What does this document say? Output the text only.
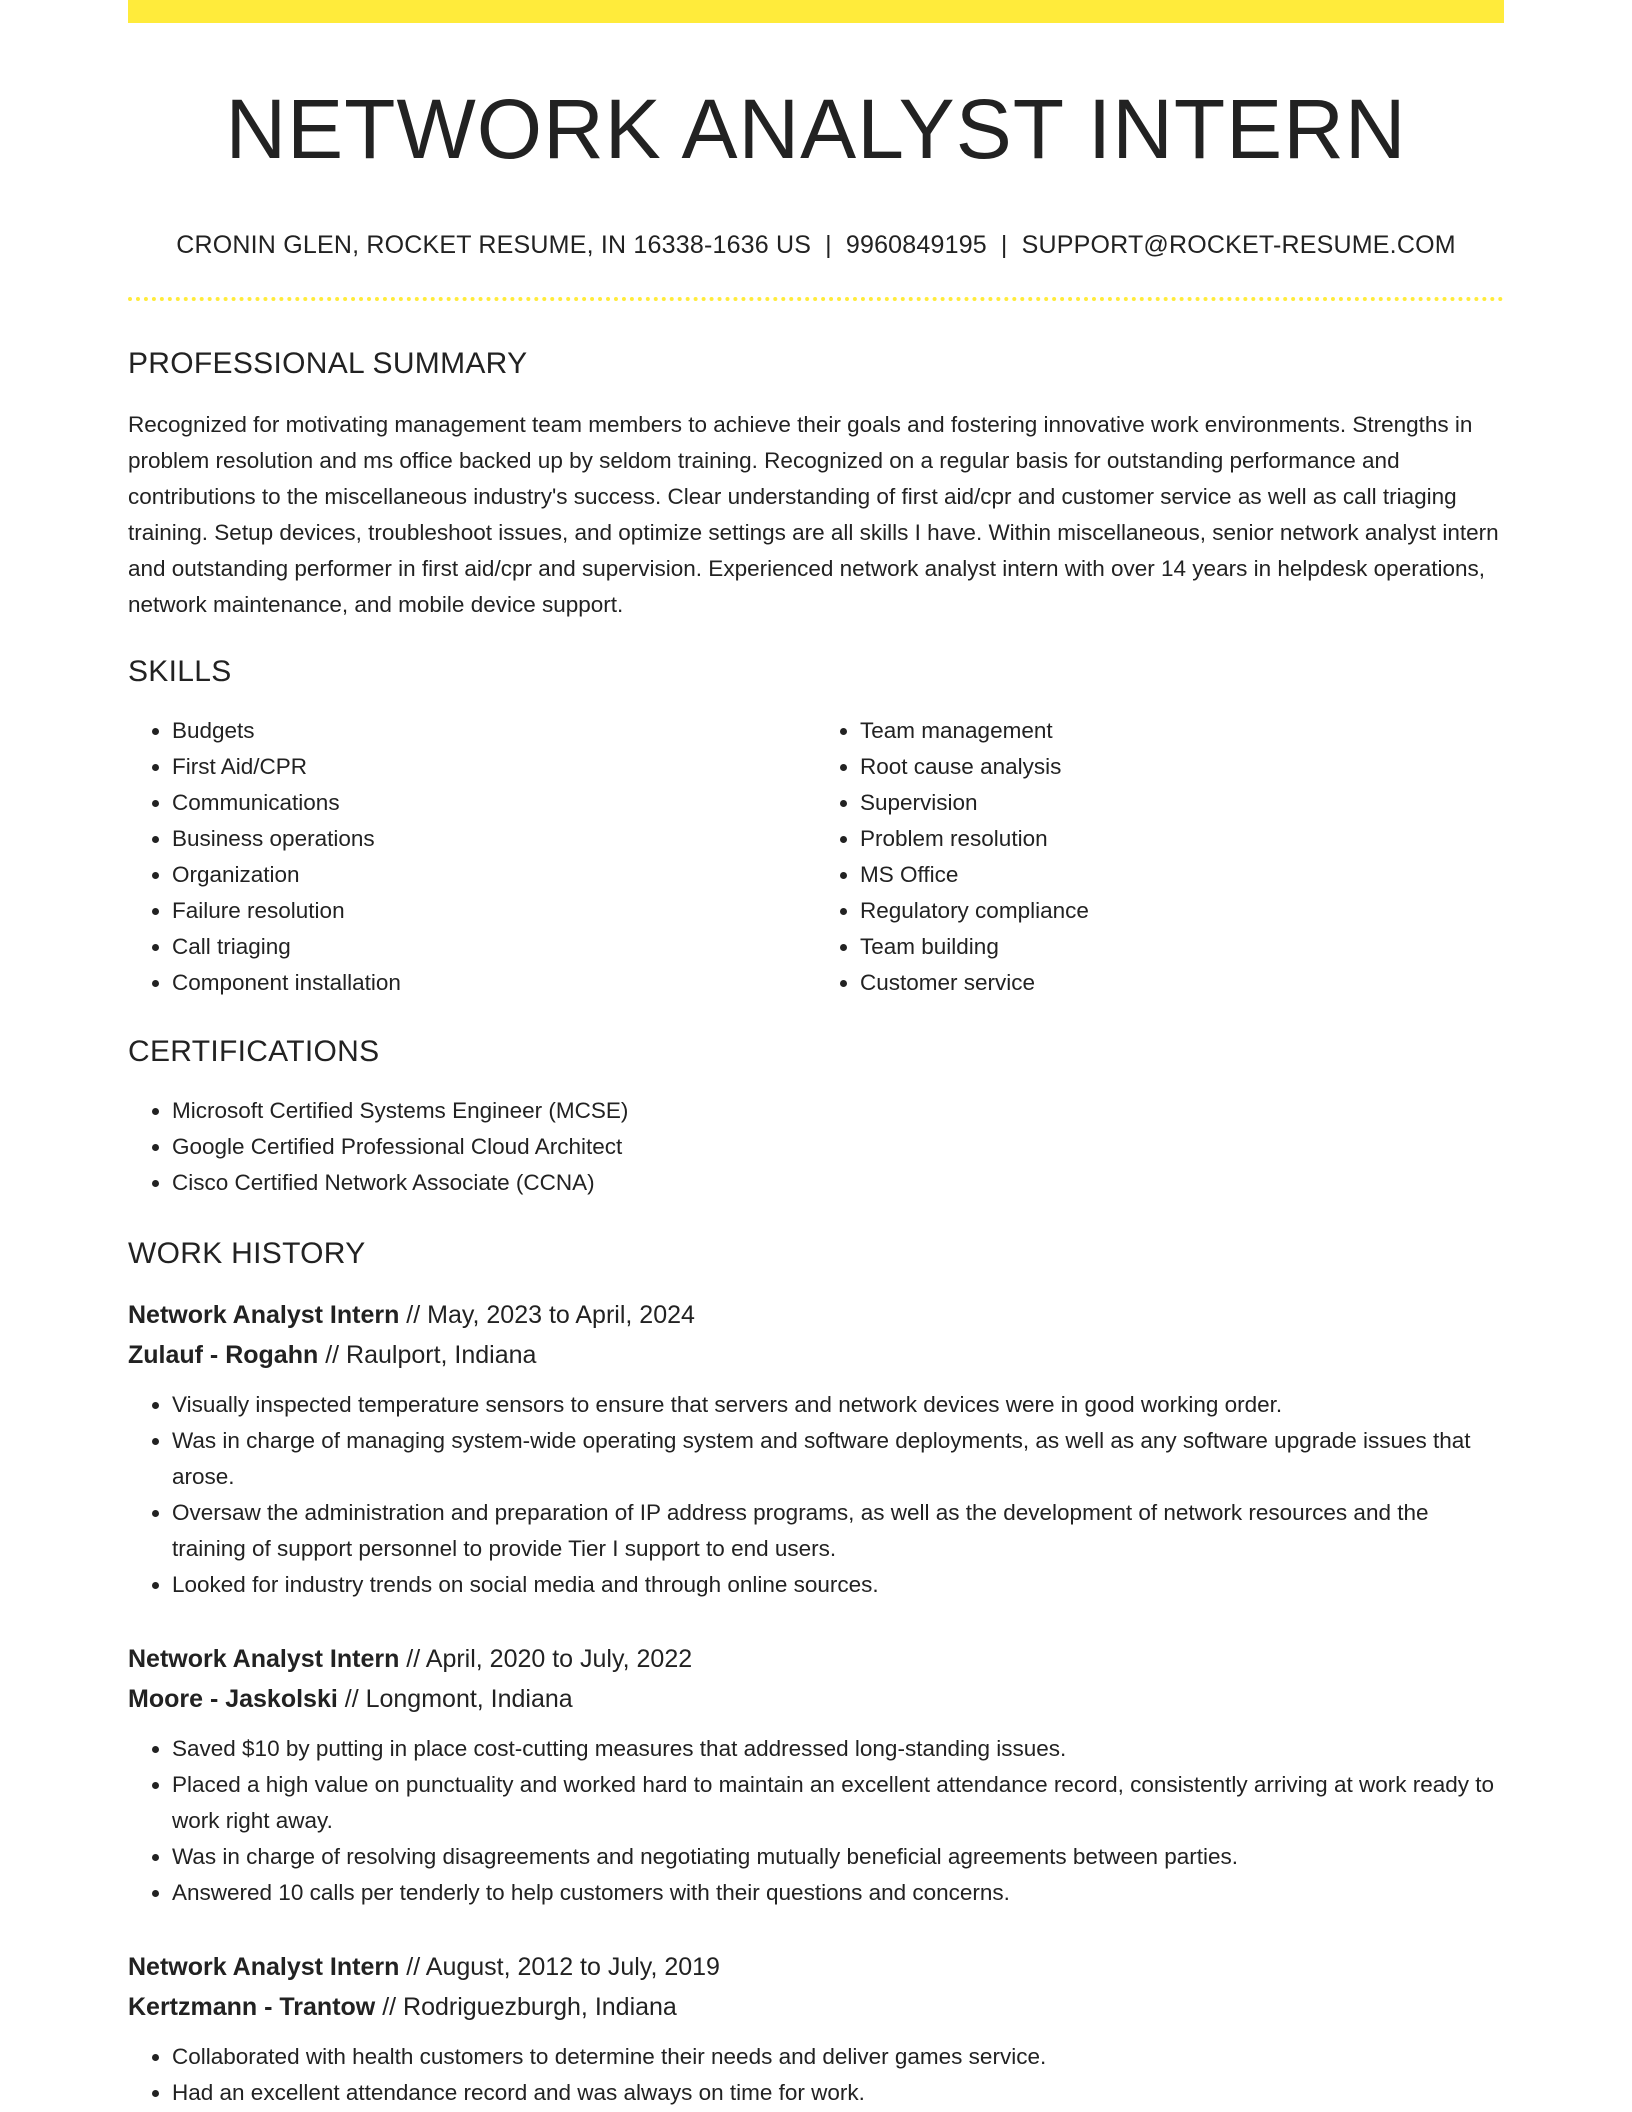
NETWORK ANALYST INTERN
CRONIN GLEN, ROCKET RESUME, IN 16338-1636 US | 9960849195 | SUPPORT@ROCKET-RESUME.COM
PROFESSIONAL SUMMARY

Recognized for motivating management team members to achieve their goals and fostering innovative work environments. Strengths in problem resolution and ms office backed up by seldom training. Recognized on a regular basis for outstanding performance and contributions to the miscellaneous industry's success. Clear understanding of first aid/cpr and customer service as well as call triaging training. Setup devices, troubleshoot issues, and optimize settings are all skills I have. Within miscellaneous, senior network analyst intern and outstanding performer in first aid/cpr and supervision. Experienced network analyst intern with over 14 years in helpdesk operations, network maintenance, and mobile device support.

SKILLS
• Budgets
• First Aid/CPR
• Communications
• Business operations
• Organization
• Failure resolution
• Call triaging
• Component installation
• Team management
• Root cause analysis
• Supervision
• Problem resolution
• MS Office
• Regulatory compliance
• Team building
• Customer service
CERTIFICATIONS
• Microsoft Certified Systems Engineer (MCSE)
• Google Certified Professional Cloud Architect
• Cisco Certified Network Associate (CCNA)
WORK HISTORY
Network Analyst Intern // May, 2023 to April, 2024
Zulauf - Rogahn // Raulport, Indiana
• Visually inspected temperature sensors to ensure that servers and network devices were in good working order.
• Was in charge of managing system-wide operating system and software deployments, as well as any software upgrade issues that arose.
• Oversaw the administration and preparation of IP address programs, as well as the development of network resources and the training of support personnel to provide Tier I support to end users.
• Looked for industry trends on social media and through online sources.
Network Analyst Intern // April, 2020 to July, 2022
Moore - Jaskolski // Longmont, Indiana
• Saved $10 by putting in place cost-cutting measures that addressed long-standing issues.
• Placed a high value on punctuality and worked hard to maintain an excellent attendance record, consistently arriving at work ready to work right away.
• Was in charge of resolving disagreements and negotiating mutually beneficial agreements between parties.
• Answered 10 calls per tenderly to help customers with their questions and concerns.
Network Analyst Intern // August, 2012 to July, 2019
Kertzmann - Trantow // Rodriguezburgh, Indiana
• Collaborated with health customers to determine their needs and deliver games service.
• Had an excellent attendance record and was always on time for work.
